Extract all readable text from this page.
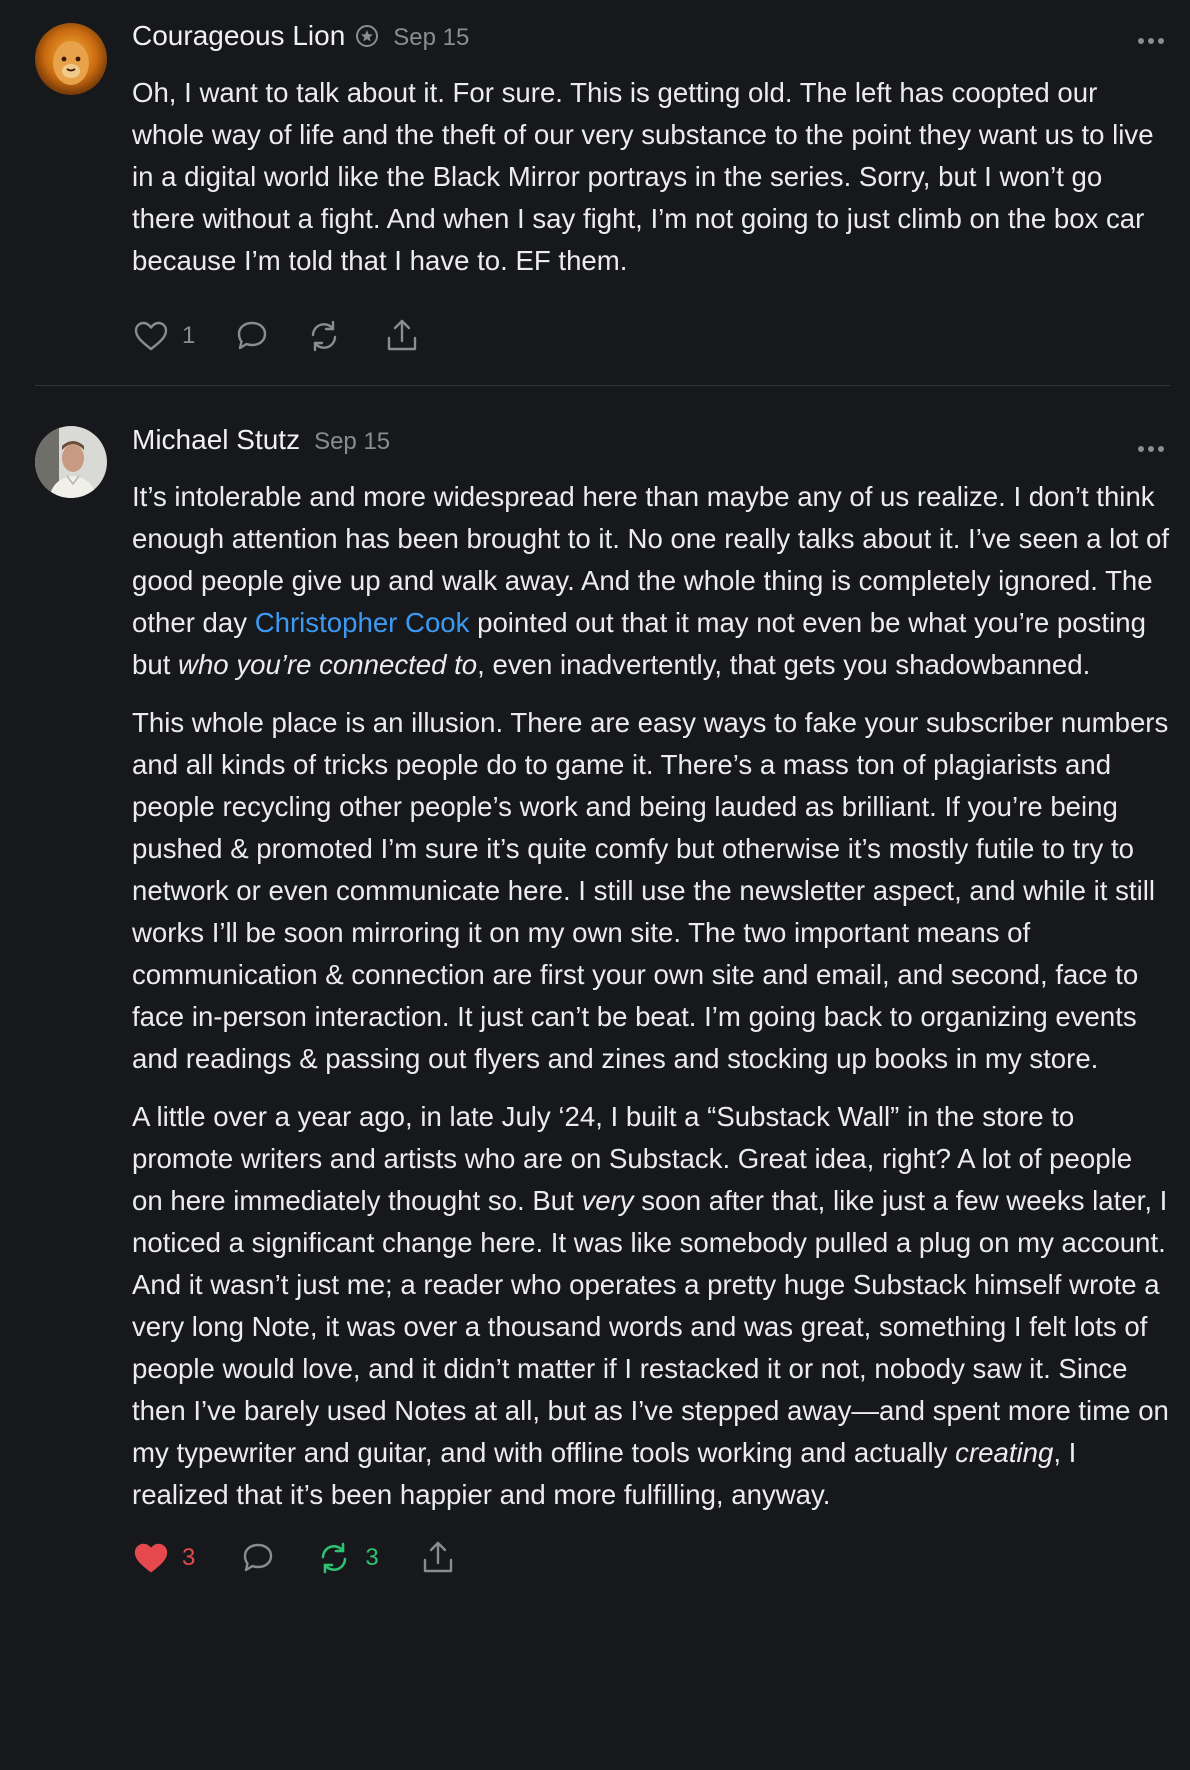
Courageous Lion Sep 15

Oh, I want to talk about it. For sure. This is getting old. The left has coopted our whole way of life and the theft of our very substance to the point they want us to live in a digital world like the Black Mirror portrays in the series. Sorry, but I won’t go there without a fight. And when I say fight, I’m not going to just climb on the box car because I’m told that I have to. EF them.

1
Michael Stutz Sep 15

It’s intolerable and more widespread here than maybe any of us realize. I don’t think enough attention has been brought to it. No one really talks about it. I’ve seen a lot of good people give up and walk away. And the whole thing is completely ignored. The other day Christopher Cook pointed out that it may not even be what you’re posting but who you’re connected to, even inadvertently, that gets you shadowbanned.

This whole place is an illusion. There are easy ways to fake your subscriber numbers and all kinds of tricks people do to game it. There’s a mass ton of plagiarists and people recycling other people’s work and being lauded as brilliant. If you’re being pushed & promoted I’m sure it’s quite comfy but otherwise it’s mostly futile to try to network or even communicate here. I still use the newsletter aspect, and while it still works I’ll be soon mirroring it on my own site. The two important means of communication & connection are first your own site and email, and second, face to face in-person interaction. It just can’t be beat. I’m going back to organizing events and readings & passing out flyers and zines and stocking up books in my store.

A little over a year ago, in late July ‘24, I built a “Substack Wall” in the store to promote writers and artists who are on Substack. Great idea, right? A lot of people on here immediately thought so. But very soon after that, like just a few weeks later, I noticed a significant change here. It was like somebody pulled a plug on my account. And it wasn’t just me; a reader who operates a pretty huge Substack himself wrote a very long Note, it was over a thousand words and was great, something I felt lots of people would love, and it didn’t matter if I restacked it or not, nobody saw it. Since then I’ve barely used Notes at all, but as I’ve stepped away—and spent more time on my typewriter and guitar, and with offline tools working and actually creating, I realized that it’s been happier and more fulfilling, anyway.

3	3
